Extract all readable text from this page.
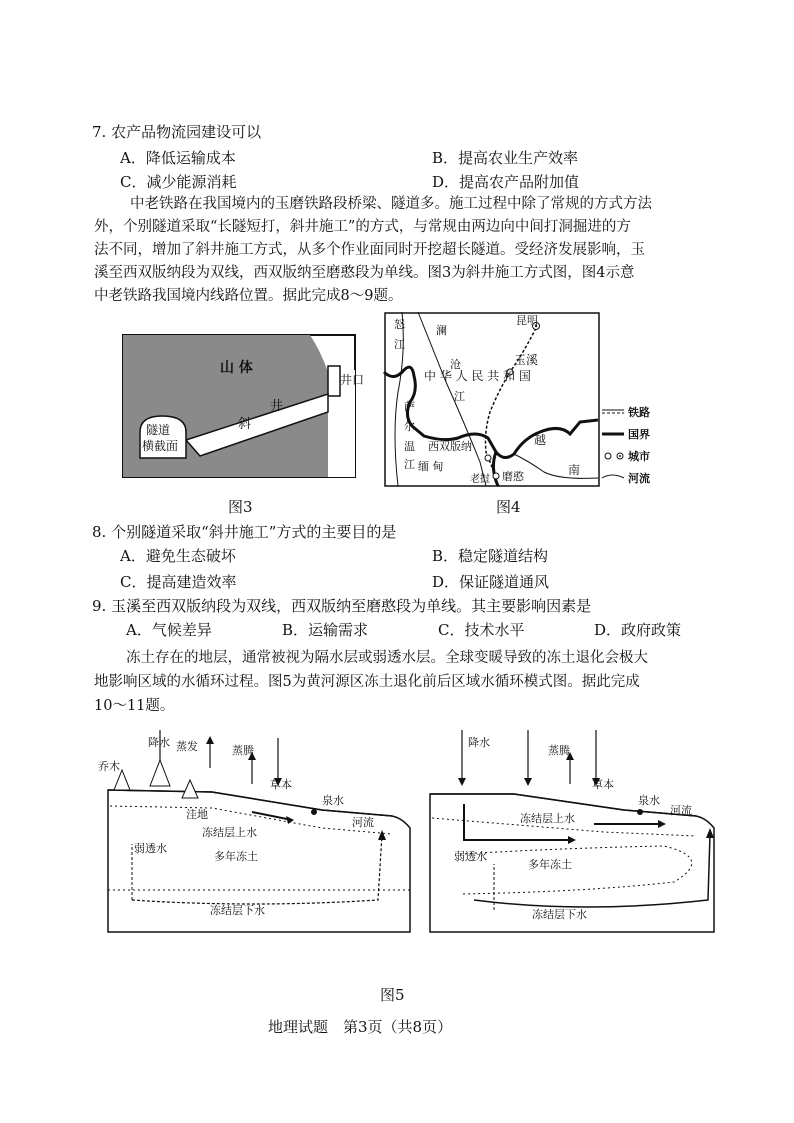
7. 农产品物流园建设可以
A．降低运输成本	B．提高农业生产效率
C．减少能源消耗	D．提高农产品附加值
中老铁路在我国境内的玉磨铁路段桥梁、隧道多。施工过程中除了常规的方式方法
外，个别隧道采取“长隧短打，斜井施工”的方式，与常规由两边向中间打洞掘进的方
法不同，增加了斜井施工方式，从多个作业面同时开挖超长隧道。受经济发展影响，玉
溪至西双版纳段为双线，西双版纳至磨憨段为单线。图3为斜井施工方式图，图4示意
中老铁路我国境内线路位置。据此完成8～9题。
山 体
井口
井
斜
隧道
横截面
图3
昆明
玉溪
中 华 人 民 共 和 国
怒
江
澜
沧
江
萨
尔
温
江
西双版纳
缅 甸
老挝 磨憨
越
南
铁路
国界
城市
河流
图4
8. 个别隧道采取“斜井施工”方式的主要目的是
A．避免生态破坏	B．稳定隧道结构
C．提高建造效率	D．保证隧道通风
9. 玉溪至西双版纳段为双线，西双版纳至磨憨段为单线。其主要影响因素是
A．气候差异	B．运输需求	C．技术水平	D．政府政策
冻土存在的地层，通常被视为隔水层或弱透水层。全球变暖导致的冻土退化会极大
地影响区域的水循环过程。图5为黄河源区冻土退化前后区域水循环模式图。据此完成
10～11题。
乔木
降水 蒸发
洼地
蒸腾
草本
泉水
河流
冻结层上水
弱透水
多年冻土
冻结层下水
降水
蒸腾
草本
泉水
河流
冻结层上水
弱透水
多年冻土
冻结层下水
图5
地理试题　第3页（共8页）
